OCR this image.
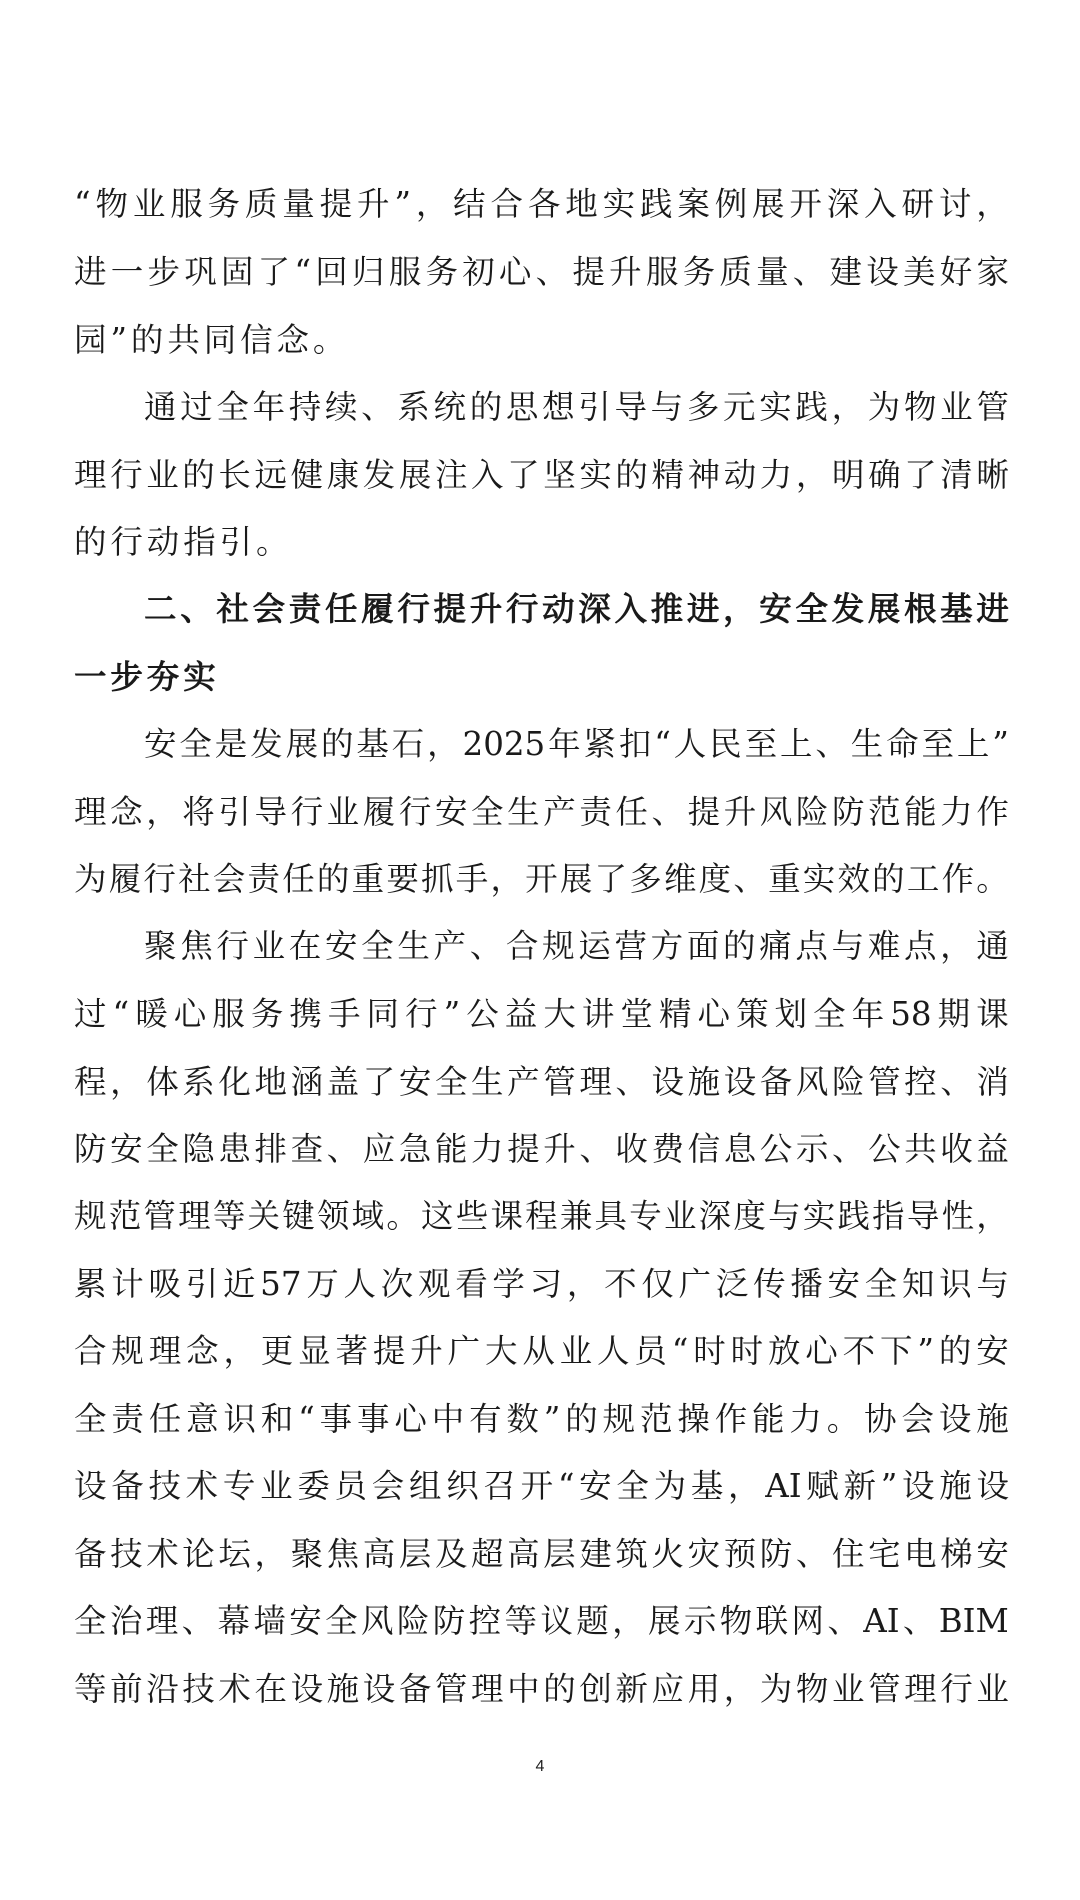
“ 物 业 服 务 质 量 提 升 ” ， 结 合 各 地 实 践 案 例 展 开 深 入 研 讨 ，
进 一 步 巩 固 了 “ 回 归 服 务 初 心 、 提 升 服 务 质 量 、 建 设 美 好 家
园”的共同信念。
通 过 全 年 持 续 、 系 统 的 思 想 引 导 与 多 元 实 践 ， 为 物 业 管
理 行 业 的 长 远 健 康 发 展 注 入 了 坚 实 的 精 神 动 力 ， 明 确 了 清 晰
的行动指引。
二 、 社 会 责 任 履 行 提 升 行 动 深 入 推 进 ， 安 全 发 展 根 基 进
一步夯实
安 全 是 发 展 的 基 石 ， 2025 年 紧 扣 “ 人 民 至 上 、 生 命 至 上 ”
理 念 ， 将 引 导 行 业 履 行 安 全 生 产 责 任 、 提 升 风 险 防 范 能 力 作
为 履 行 社 会 责 任 的 重 要 抓 手 ， 开 展 了 多 维 度 、 重 实 效 的 工 作 。
聚 焦 行 业 在 安 全 生 产 、 合 规 运 营 方 面 的 痛 点 与 难 点 ， 通
过 “ 暖 心 服 务 携 手 同 行 ” 公 益 大 讲 堂 精 心 策 划 全 年 58 期 课
程 ， 体 系 化 地 涵 盖 了 安 全 生 产 管 理 、 设 施 设 备 风 险 管 控 、 消
防 安 全 隐 患 排 查 、 应 急 能 力 提 升 、 收 费 信 息 公 示 、 公 共 收 益
规 范 管 理 等 关 键 领 域 。 这 些 课 程 兼 具 专 业 深 度 与 实 践 指 导 性 ，
累 计 吸 引 近 57 万 人 次 观 看 学 习 ， 不 仅 广 泛 传 播 安 全 知 识 与
合 规 理 念 ， 更 显 著 提 升 广 大 从 业 人 员 “ 时 时 放 心 不 下 ” 的 安
全 责 任 意 识 和 “ 事 事 心 中 有 数 ” 的 规 范 操 作 能 力 。 协 会 设 施
设 备 技 术 专 业 委 员 会 组 织 召 开 “ 安 全 为 基 ， AI 赋 新 ” 设 施 设
备 技 术 论 坛 ， 聚 焦 高 层 及 超 高 层 建 筑 火 灾 预 防 、 住 宅 电 梯 安
全 治 理 、 幕 墙 安 全 风 险 防 控 等 议 题 ， 展 示 物 联 网 、 AI 、 BIM
等 前 沿 技 术 在 设 施 设 备 管 理 中 的 创 新 应 用 ， 为 物 业 管 理 行 业
4
